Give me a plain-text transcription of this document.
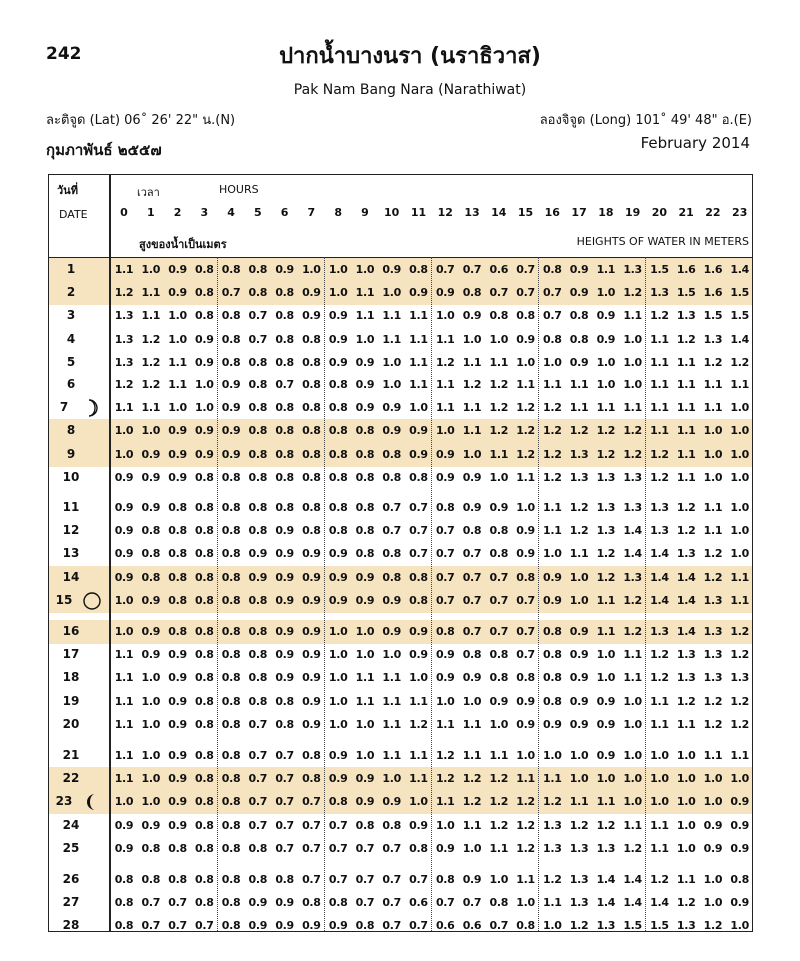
242	ปากน้ำบางนรา (นราธิวาส)
Pak Nam Bang Nara (Narathiwat)
ละติจูด (Lat) 06˚ 26' 22" น.(N)	ลองจิจูด (Long) 101˚ 49' 48" อ.(E)
กุมภาพันธ์ ๒๕๕๗	February 2014
วันที่
DATE
เวลา	HOURS
0	1	2	3	4	5	6	7	8	9	10	11	12	13	14	15	16	17	18	19	20	21	22	23
สูงของน้ำเป็นเมตร	HEIGHTS OF WATER IN METERS
1	1.1 1.0 0.9 0.8 0.8 0.8 0.9 1.0 1.0 1.0 0.9 0.8 0.7 0.7 0.6 0.7 0.8 0.9 1.1 1.3 1.5 1.6 1.6 1.4
2	1.2 1.1 0.9 0.8 0.7 0.8 0.8 0.9 1.0 1.1 1.0 0.9 0.9 0.8 0.7 0.7 0.7 0.9 1.0 1.2 1.3 1.5 1.6 1.5
3	1.3 1.1 1.0 0.8 0.8 0.7 0.8 0.9 0.9 1.1 1.1 1.1 1.0 0.9 0.8 0.8 0.7 0.8 0.9 1.1 1.2 1.3 1.5 1.5
4	1.3 1.2 1.0 0.9 0.8 0.7 0.8 0.8 0.9 1.0 1.1 1.1 1.1 1.0 1.0 0.9 0.8 0.8 0.9 1.0 1.1 1.2 1.3 1.4
5	1.3 1.2 1.1 0.9 0.8 0.8 0.8 0.8 0.9 0.9 1.0 1.1 1.2 1.1 1.1 1.0 1.0 0.9 1.0 1.0 1.1 1.1 1.2 1.2
6	1.2 1.2 1.1 1.0 0.9 0.8 0.7 0.8 0.8 0.9 1.0 1.1 1.1 1.2 1.2 1.1 1.1 1.1 1.0 1.0 1.1 1.1 1.1 1.1
7	1.1 1.1 1.0 1.0 0.9 0.8 0.8 0.8 0.8 0.9 0.9 1.0 1.1 1.1 1.2 1.2 1.2 1.1 1.1 1.1 1.1 1.1 1.1 1.0
8	1.0 1.0 0.9 0.9 0.9 0.8 0.8 0.8 0.8 0.8 0.9 0.9 1.0 1.1 1.2 1.2 1.2 1.2 1.2 1.2 1.1 1.1 1.0 1.0
9	1.0 0.9 0.9 0.9 0.9 0.8 0.8 0.8 0.8 0.8 0.8 0.9 0.9 1.0 1.1 1.2 1.2 1.3 1.2 1.2 1.2 1.1 1.0 1.0
10	0.9 0.9 0.9 0.8 0.8 0.8 0.8 0.8 0.8 0.8 0.8 0.8 0.9 0.9 1.0 1.1 1.2 1.3 1.3 1.3 1.2 1.1 1.0 1.0
11	0.9 0.9 0.8 0.8 0.8 0.8 0.8 0.8 0.8 0.8 0.7 0.7 0.8 0.9 0.9 1.0 1.1 1.2 1.3 1.3 1.3 1.2 1.1 1.0
12	0.9 0.8 0.8 0.8 0.8 0.8 0.9 0.8 0.8 0.8 0.7 0.7 0.7 0.8 0.8 0.9 1.1 1.2 1.3 1.4 1.3 1.2 1.1 1.0
13	0.9 0.8 0.8 0.8 0.8 0.9 0.9 0.9 0.9 0.8 0.8 0.7 0.7 0.7 0.8 0.9 1.0 1.1 1.2 1.4 1.4 1.3 1.2 1.0
14	0.9 0.8 0.8 0.8 0.8 0.9 0.9 0.9 0.9 0.9 0.8 0.8 0.7 0.7 0.7 0.8 0.9 1.0 1.2 1.3 1.4 1.4 1.2 1.1
15	1.0 0.9 0.8 0.8 0.8 0.8 0.9 0.9 0.9 0.9 0.9 0.8 0.7 0.7 0.7 0.7 0.9 1.0 1.1 1.2 1.4 1.4 1.3 1.1
16	1.0 0.9 0.8 0.8 0.8 0.8 0.9 0.9 1.0 1.0 0.9 0.9 0.8 0.7 0.7 0.7 0.8 0.9 1.1 1.2 1.3 1.4 1.3 1.2
17	1.1 0.9 0.9 0.8 0.8 0.8 0.9 0.9 1.0 1.0 1.0 0.9 0.9 0.8 0.8 0.7 0.8 0.9 1.0 1.1 1.2 1.3 1.3 1.2
18	1.1 1.0 0.9 0.8 0.8 0.8 0.9 0.9 1.0 1.1 1.1 1.0 0.9 0.9 0.8 0.8 0.8 0.9 1.0 1.1 1.2 1.3 1.3 1.3
19	1.1 1.0 0.9 0.8 0.8 0.8 0.8 0.9 1.0 1.1 1.1 1.1 1.0 1.0 0.9 0.9 0.8 0.9 0.9 1.0 1.1 1.2 1.2 1.2
20	1.1 1.0 0.9 0.8 0.8 0.7 0.8 0.9 1.0 1.0 1.1 1.2 1.1 1.1 1.0 0.9 0.9 0.9 0.9 1.0 1.1 1.1 1.2 1.2
21	1.1 1.0 0.9 0.8 0.8 0.7 0.7 0.8 0.9 1.0 1.1 1.1 1.2 1.1 1.1 1.0 1.0 1.0 0.9 1.0 1.0 1.0 1.1 1.1
22	1.1 1.0 0.9 0.8 0.8 0.7 0.7 0.8 0.9 0.9 1.0 1.1 1.2 1.2 1.2 1.1 1.1 1.0 1.0 1.0 1.0 1.0 1.0 1.0
23	1.0 1.0 0.9 0.8 0.8 0.7 0.7 0.7 0.8 0.9 0.9 1.0 1.1 1.2 1.2 1.2 1.2 1.1 1.1 1.0 1.0 1.0 1.0 0.9
24	0.9 0.9 0.9 0.8 0.8 0.7 0.7 0.7 0.7 0.8 0.8 0.9 1.0 1.1 1.2 1.2 1.3 1.2 1.2 1.1 1.1 1.0 0.9 0.9
25	0.9 0.8 0.8 0.8 0.8 0.8 0.7 0.7 0.7 0.7 0.7 0.8 0.9 1.0 1.1 1.2 1.3 1.3 1.3 1.2 1.1 1.0 0.9 0.9
26	0.8 0.8 0.8 0.8 0.8 0.8 0.8 0.7 0.7 0.7 0.7 0.7 0.8 0.9 1.0 1.1 1.2 1.3 1.4 1.4 1.2 1.1 1.0 0.8
27	0.8 0.7 0.7 0.8 0.8 0.9 0.9 0.8 0.8 0.7 0.7 0.6 0.7 0.7 0.8 1.0 1.1 1.3 1.4 1.4 1.4 1.2 1.0 0.9
28	0.8 0.7 0.7 0.7 0.8 0.9 0.9 0.9 0.9 0.8 0.7 0.7 0.6 0.6 0.7 0.8 1.0 1.2 1.3 1.5 1.5 1.3 1.2 1.0
